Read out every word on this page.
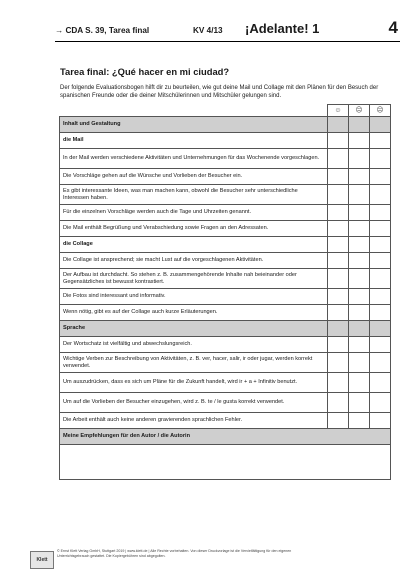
→ CDA S. 39, Tarea final	KV 4/13 ¡Adelante! 1	4
Tarea final: ¿Qué hacer en mi ciudad?
Der folgende Evaluationsbogen hilft dir zu beurteilen, wie gut deine Mail und Collage mit den Plänen für den Besuch der spanischen Freunde oder die deiner Mitschülerinnen und Mitschüler gelungen sind.
	☺	😐	☹
Inhalt und Gestaltung			
die Mail			
In der Mail werden verschiedene Aktivitäten und Unternehmungen für das Wochenende vorgeschlagen.			
Die Vorschläge gehen auf die Wünsche und Vorlieben der Besucher ein.			
Es gibt interessante Ideen, was man machen kann, obwohl die Besucher sehr unterschiedliche Interessen haben.			
Für die einzelnen Vorschläge werden auch die Tage und Uhrzeiten genannt.			
Die Mail enthält Begrüßung und Verabschiedung sowie Fragen an den Adressaten.			
die Collage			
Die Collage ist ansprechend; sie macht Lust auf die vorgeschlagenen Aktivitäten.			
Der Aufbau ist durchdacht. So stehen z. B. zusammengehörende Inhalte nah beieinander oder Gegensätzliches ist bewusst kontrastiert.			
Die Fotos sind interessant und informativ.			
Wenn nötig, gibt es auf der Collage auch kurze Erläuterungen.			
Sprache			
Der Wortschatz ist vielfältig und abwechslungsreich.			
Wichtige Verben zur Beschreibung von Aktivitäten, z. B. ver, hacer, salir, ir oder jugar, werden korrekt verwendet.			
Um auszudrücken, dass es sich um Pläne für die Zukunft handelt, wird ir + a + Infinitiv benutzt.			
Um auf die Vorlieben der Besucher einzugehen, wird z. B. te / le gusta korrekt verwendet.			
Die Arbeit enthält auch keine anderen gravierenden sprachlichen Fehler.			
Meine Empfehlungen für den Autor / die Autorin			

Klett
© Ernst Klett Verlag GmbH, Stuttgart 2019 | www.klett.de | Alle Rechte vorbehalten. Von dieser Druckvorlage ist die Vervielfältigung für den eigenen Unterrichtsgebrauch gestattet. Die Kopiergebühren sind abgegolten.
